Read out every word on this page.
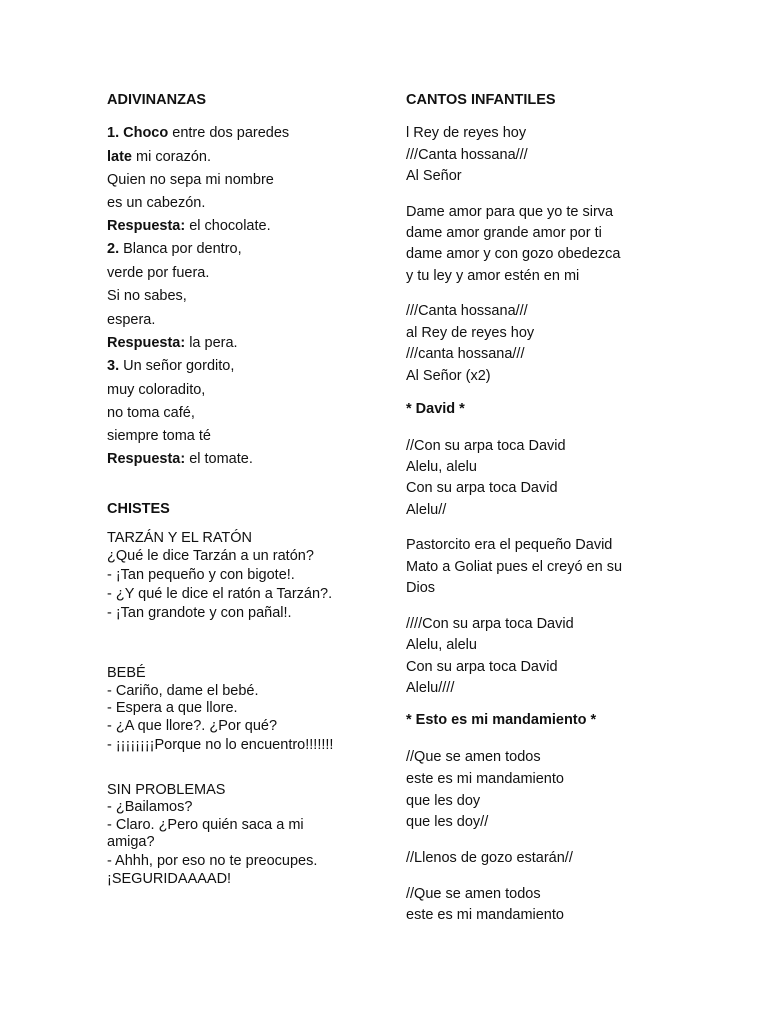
ADIVINANZAS
1. Choco entre dos paredes
late mi corazón.
Quien no sepa mi nombre
es un cabezón.
Respuesta: el chocolate.
2. Blanca por dentro,
verde por fuera.
Si no sabes,
espera.
Respuesta: la pera.
3. Un señor gordito,
muy coloradito,
no toma café,
siempre toma té
Respuesta: el tomate.
CHISTES
TARZÁN Y EL RATÓN
¿Qué le dice Tarzán a un ratón?
- ¡Tan pequeño y con bigote!.
- ¿Y qué le dice el ratón a Tarzán?.
- ¡Tan grandote y con pañal!.
BEBÉ
- Cariño, dame el bebé.
- Espera a que llore.
- ¿A que llore?. ¿Por qué?
- ¡¡¡¡¡¡¡¡Porque no lo encuentro!!!!!!!
SIN PROBLEMAS
- ¿Bailamos?
- Claro. ¿Pero quién saca a mi
amiga?
- Ahhh, por eso no te preocupes.
¡SEGURIDAAAAD!
CANTOS INFANTILES
l Rey de reyes hoy
///Canta hossana///
Al Señor
Dame amor para que yo te sirva
dame amor grande amor por ti
dame amor y con gozo obedezca
y tu ley y amor estén en mi
///Canta hossana///
al Rey de reyes hoy
///canta hossana///
Al Señor (x2)
* David *
//Con su arpa toca David
Alelu, alelu
Con su arpa toca David
Alelu//
Pastorcito era el pequeño David
Mato a Goliat pues el creyó en su
Dios
////Con su arpa toca David
Alelu, alelu
Con su arpa toca David
Alelu////
* Esto es mi mandamiento *
//Que se amen todos
este es mi mandamiento
que les doy
que les doy//
//Llenos de gozo estarán//
//Que se amen todos
este es mi mandamiento
